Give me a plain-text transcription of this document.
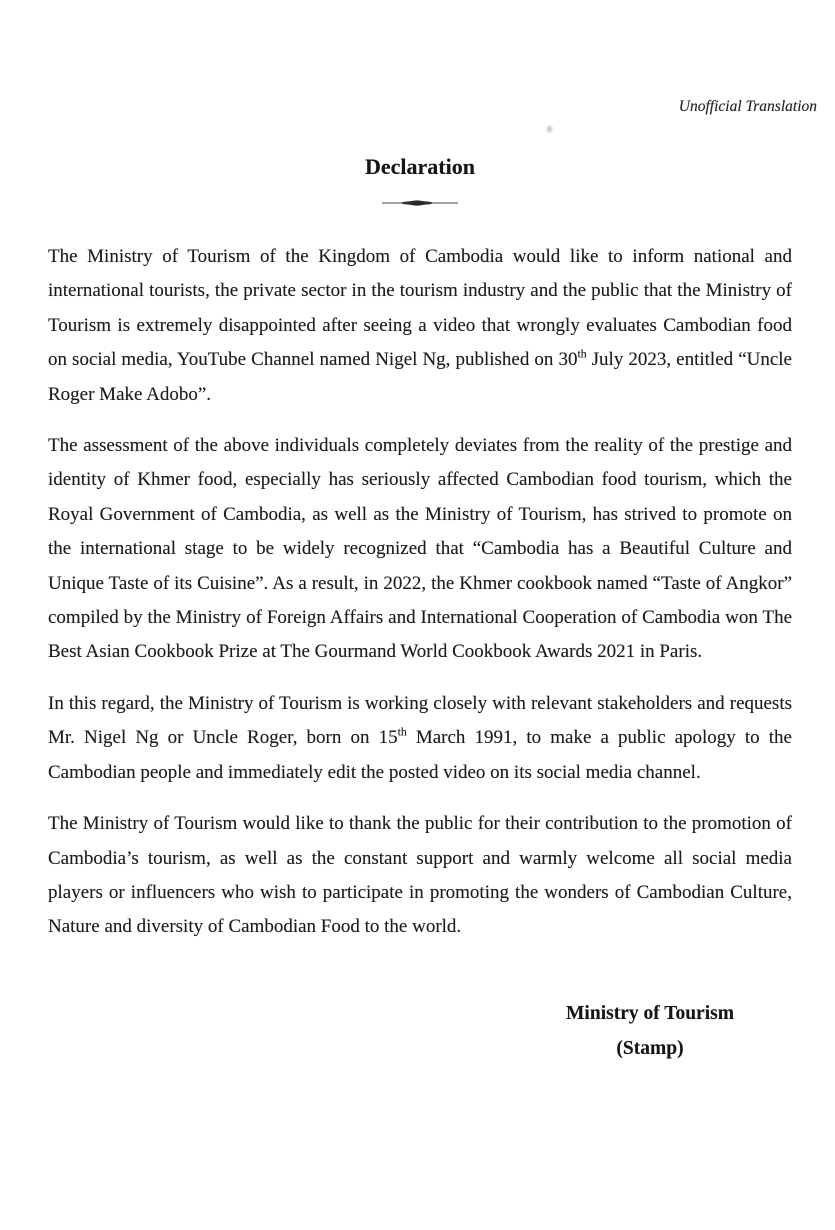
Unofficial Translation
Declaration

The Ministry of Tourism of the Kingdom of Cambodia would like to inform national and international tourists, the private sector in the tourism industry and the public that the Ministry of Tourism is extremely disappointed after seeing a video that wrongly evaluates Cambodian food on social media, YouTube Channel named Nigel Ng, published on 30th July 2023, entitled “Uncle Roger Make Adobo”.

The assessment of the above individuals completely deviates from the reality of the prestige and identity of Khmer food, especially has seriously affected Cambodian food tourism, which the Royal Government of Cambodia, as well as the Ministry of Tourism, has strived to promote on the international stage to be widely recognized that “Cambodia has a Beautiful Culture and Unique Taste of its Cuisine”. As a result, in 2022, the Khmer cookbook named “Taste of Angkor” compiled by the Ministry of Foreign Affairs and International Cooperation of Cambodia won The Best Asian Cookbook Prize at The Gourmand World Cookbook Awards 2021 in Paris.

In this regard, the Ministry of Tourism is working closely with relevant stakeholders and requests Mr. Nigel Ng or Uncle Roger, born on 15th March 1991, to make a public apology to the Cambodian people and immediately edit the posted video on its social media channel.

The Ministry of Tourism would like to thank the public for their contribution to the promotion of Cambodia’s tourism, as well as the constant support and warmly welcome all social media players or influencers who wish to participate in promoting the wonders of Cambodian Culture, Nature and diversity of Cambodian Food to the world.

Ministry of Tourism
(Stamp)
